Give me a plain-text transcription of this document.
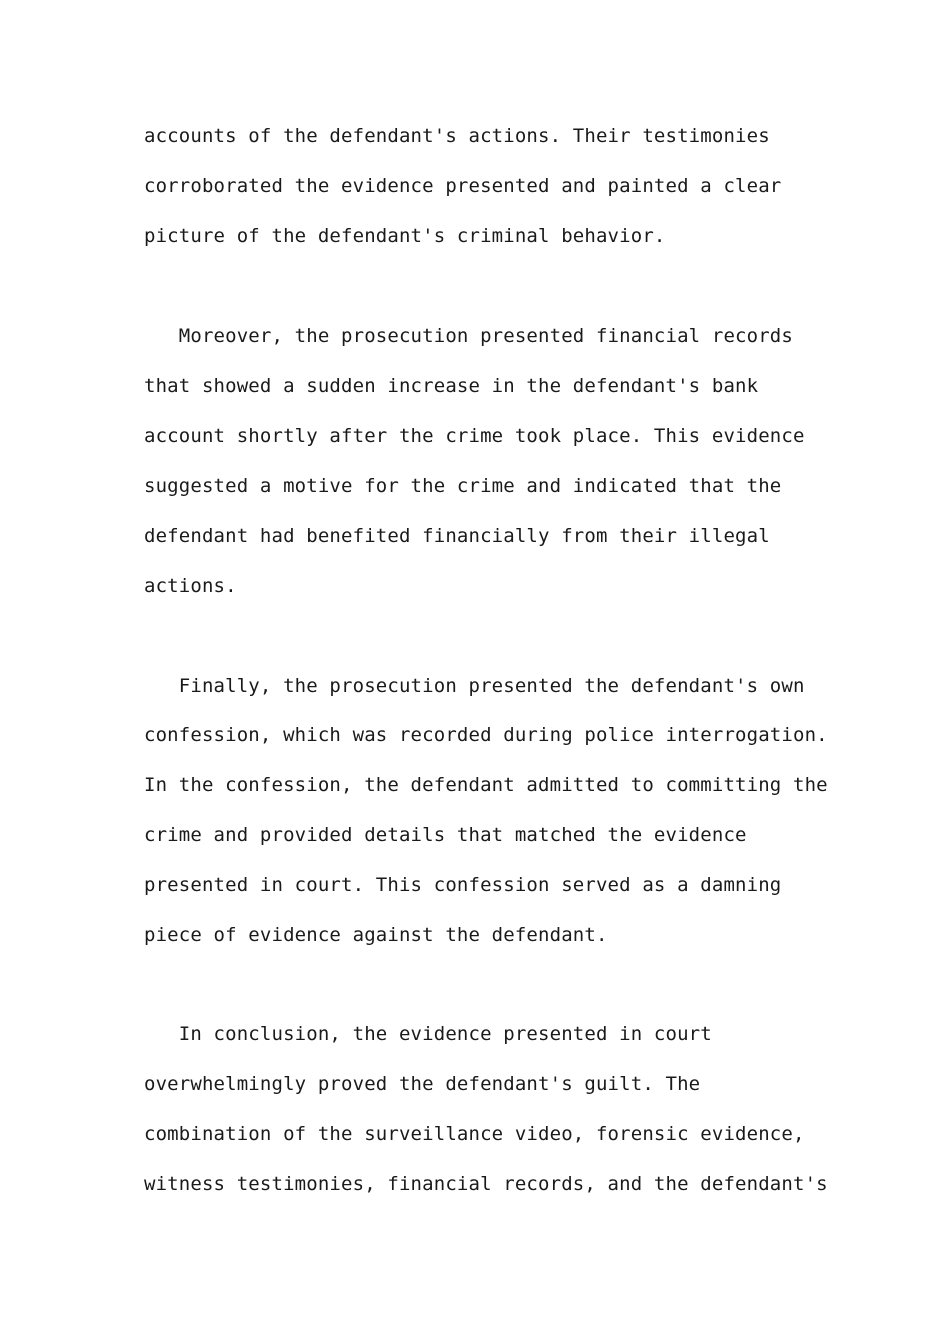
accounts of the defendant's actions. Their testimonies
corroborated the evidence presented and painted a clear
picture of the defendant's criminal behavior.
Moreover, the prosecution presented financial records
that showed a sudden increase in the defendant's bank
account shortly after the crime took place. This evidence
suggested a motive for the crime and indicated that the
defendant had benefited financially from their illegal
actions.
Finally, the prosecution presented the defendant's own
confession, which was recorded during police interrogation.
In the confession, the defendant admitted to committing the
crime and provided details that matched the evidence
presented in court. This confession served as a damning
piece of evidence against the defendant.
In conclusion, the evidence presented in court
overwhelmingly proved the defendant's guilt. The
combination of the surveillance video, forensic evidence,
witness testimonies, financial records, and the defendant's
